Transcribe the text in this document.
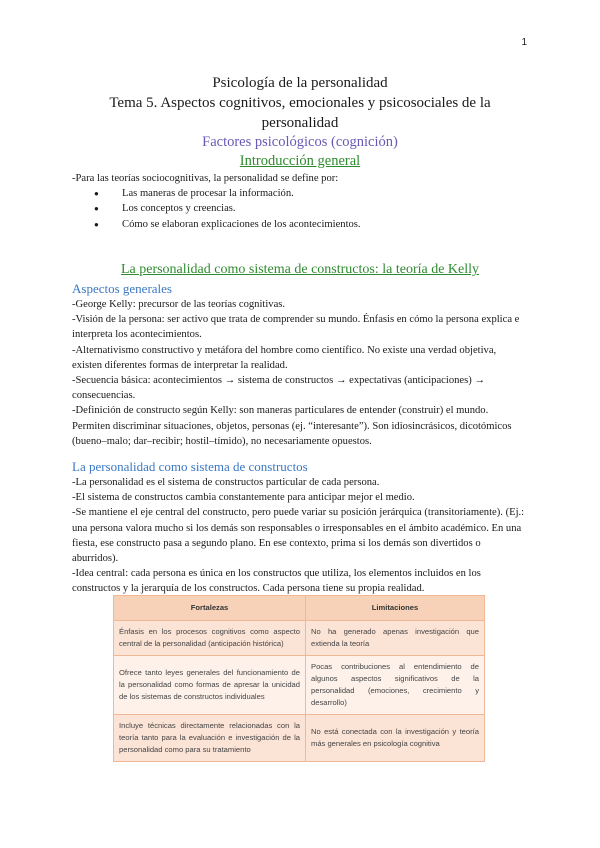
1
Psicología de la personalidad
Tema 5. Aspectos cognitivos, emocionales y psicosociales de la
personalidad
Factores psicológicos (cognición)
Introducción general

-Para las teorías sociocognitivas, la personalidad se define por:

● Las maneras de procesar la información.
● Los conceptos y creencias.
● Cómo se elaboran explicaciones de los acontecimientos.
La personalidad como sistema de constructos: la teoría de Kelly
Aspectos generales

-George Kelly: precursor de las teorías cognitivas.

-Visión de la persona: ser activo que trata de comprender su mundo. Énfasis en cómo la persona explica e interpreta los acontecimientos.

-Alternativismo constructivo y metáfora del hombre como científico. No existe una verdad objetiva, existen diferentes formas de interpretar la realidad.

-Secuencia básica: acontecimientos → sistema de constructos → expectativas (anticipaciones) → consecuencias.

-Definición de constructo según Kelly: son maneras particulares de entender (construir) el mundo. Permiten discriminar situaciones, objetos, personas (ej. “interesante”). Son idiosincrásicos, dicotómicos (bueno–malo; dar–recibir; hostil–tímido), no necesariamente opuestos.

La personalidad como sistema de constructos

-La personalidad es el sistema de constructos particular de cada persona.

-El sistema de constructos cambia constantemente para anticipar mejor el medio.

-Se mantiene el eje central del constructo, pero puede variar su posición jerárquica (transitoriamente). (Ej.: una persona valora mucho si los demás son responsables o irresponsables en el ámbito académico. En una fiesta, ese constructo pasa a segundo plano. En ese contexto, prima si los demás son divertidos o aburridos).

-Idea central: cada persona es única en los constructos que utiliza, los elementos incluidos en los constructos y la jerarquía de los constructos. Cada persona tiene su propia realidad.

Fortalezas	Limitaciones
Énfasis en los procesos cognitivos como aspecto central de la personalidad (anticipación histórica)	No ha generado apenas investigación que extienda la teoría
Ofrece tanto leyes generales del funcionamiento de la personalidad como formas de apresar la unicidad de los sistemas de constructos individuales	Pocas contribuciones al entendimiento de algunos aspectos significativos de la personalidad (emociones, crecimiento y desarrollo)
Incluye técnicas directamente relacionadas con la teoría tanto para la evaluación e investigación de la personalidad como para su tratamiento	No está conectada con la investigación y teoría más generales en psicología cognitiva
